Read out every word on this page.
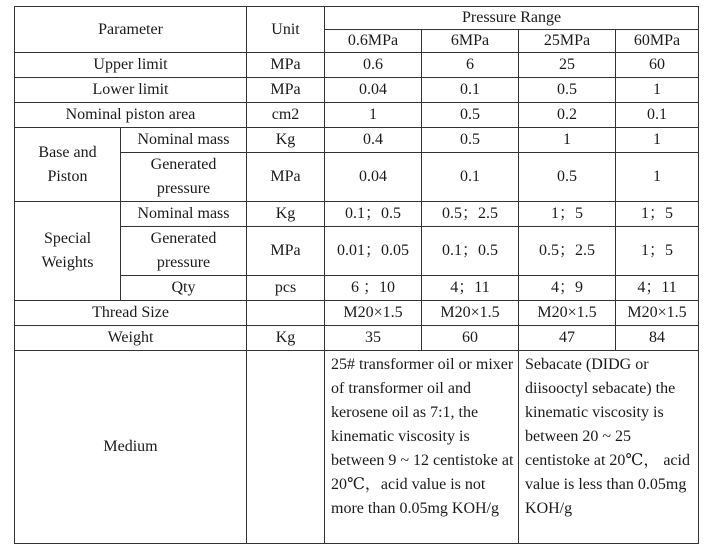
Parameter		Unit	Pressure Range			
			0.6MPa	6MPa	25MPa	60MPa
Upper limit		MPa	0.6	6	25	60
Lower limit		MPa	0.04	0.1	0.5	1
Nominal piston area		cm2	1	0.5	0.2	0.1
Base and Piston	Nominal mass	Kg	0.4	0.5	1	1
	Generated pressure	MPa	0.04	0.1	0.5	1
Special Weights	Nominal mass	Kg	0.1；0.5	0.5；2.5	1；5	1；5
	Generated pressure	MPa	0.01；0.05	0.1；0.5	0.5；2.5	1；5
	Qty	pcs	6 ；10	4；11	4；9	4；11
Thread Size			M20×1.5	M20×1.5	M20×1.5	M20×1.5
Weight		Kg	35	60	47	84
Medium			25# transformer oil or mixer of transformer oil and kerosene oil as 7:1, the kinematic viscosity is between 9 ~ 12 centistoke at 20℃，acid value is not more than 0.05mg KOH/g		Sebacate (DIDG or diisooctyl sebacate) the kinematic viscosity is between 20 ~ 25 centistoke at 20℃， acid value is less than 0.05mg KOH/g	
